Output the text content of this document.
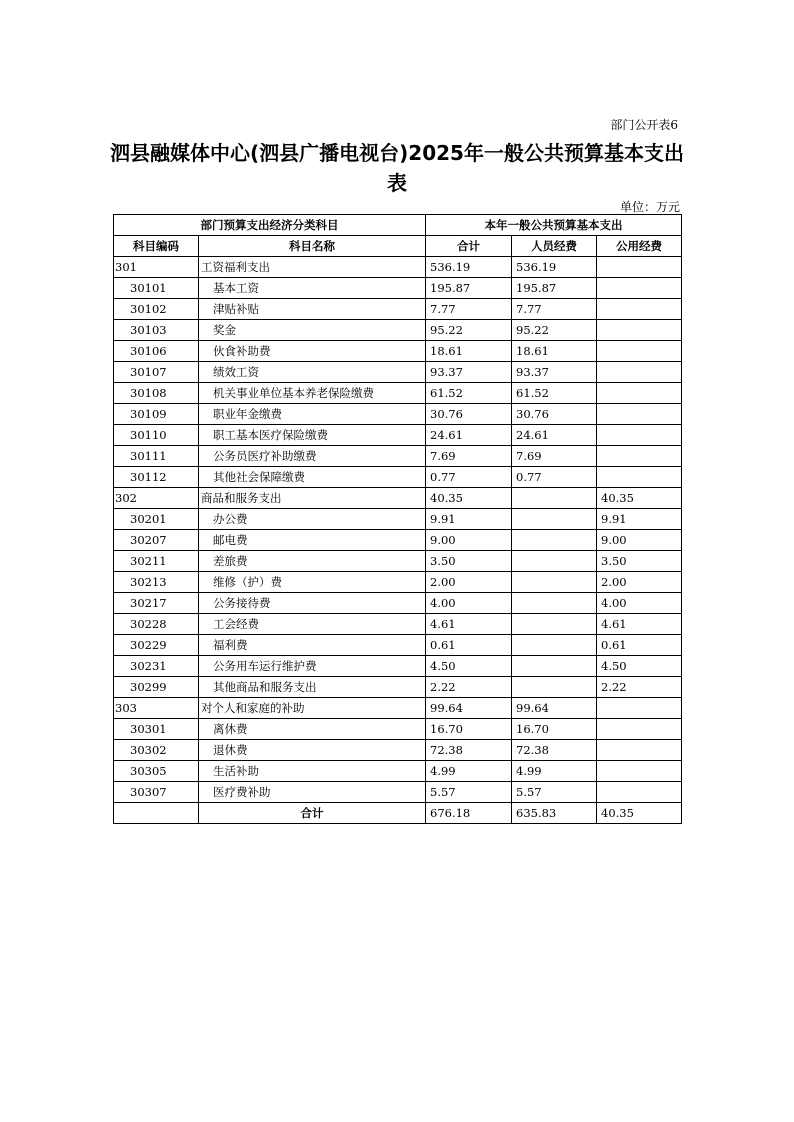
部门公开表6
泗县融媒体中心(泗县广播电视台)2025年一般公共预算基本支出表
单位：万元
部门预算支出经济分类科目		本年一般公共预算基本支出		
科目编码	科目名称	合计	人员经费	公用经费
301	工资福利支出	536.19	536.19	
30101	基本工资	195.87	195.87	
30102	津贴补贴	7.77	7.77	
30103	奖金	95.22	95.22	
30106	伙食补助费	18.61	18.61	
30107	绩效工资	93.37	93.37	
30108	机关事业单位基本养老保险缴费	61.52	61.52	
30109	职业年金缴费	30.76	30.76	
30110	职工基本医疗保险缴费	24.61	24.61	
30111	公务员医疗补助缴费	7.69	7.69	
30112	其他社会保障缴费	0.77	0.77	
302	商品和服务支出	40.35		40.35
30201	办公费	9.91		9.91
30207	邮电费	9.00		9.00
30211	差旅费	3.50		3.50
30213	维修（护）费	2.00		2.00
30217	公务接待费	4.00		4.00
30228	工会经费	4.61		4.61
30229	福利费	0.61		0.61
30231	公务用车运行维护费	4.50		4.50
30299	其他商品和服务支出	2.22		2.22
303	对个人和家庭的补助	99.64	99.64	
30301	离休费	16.70	16.70	
30302	退休费	72.38	72.38	
30305	生活补助	4.99	4.99	
30307	医疗费补助	5.57	5.57	
	合计	676.18	635.83	40.35
